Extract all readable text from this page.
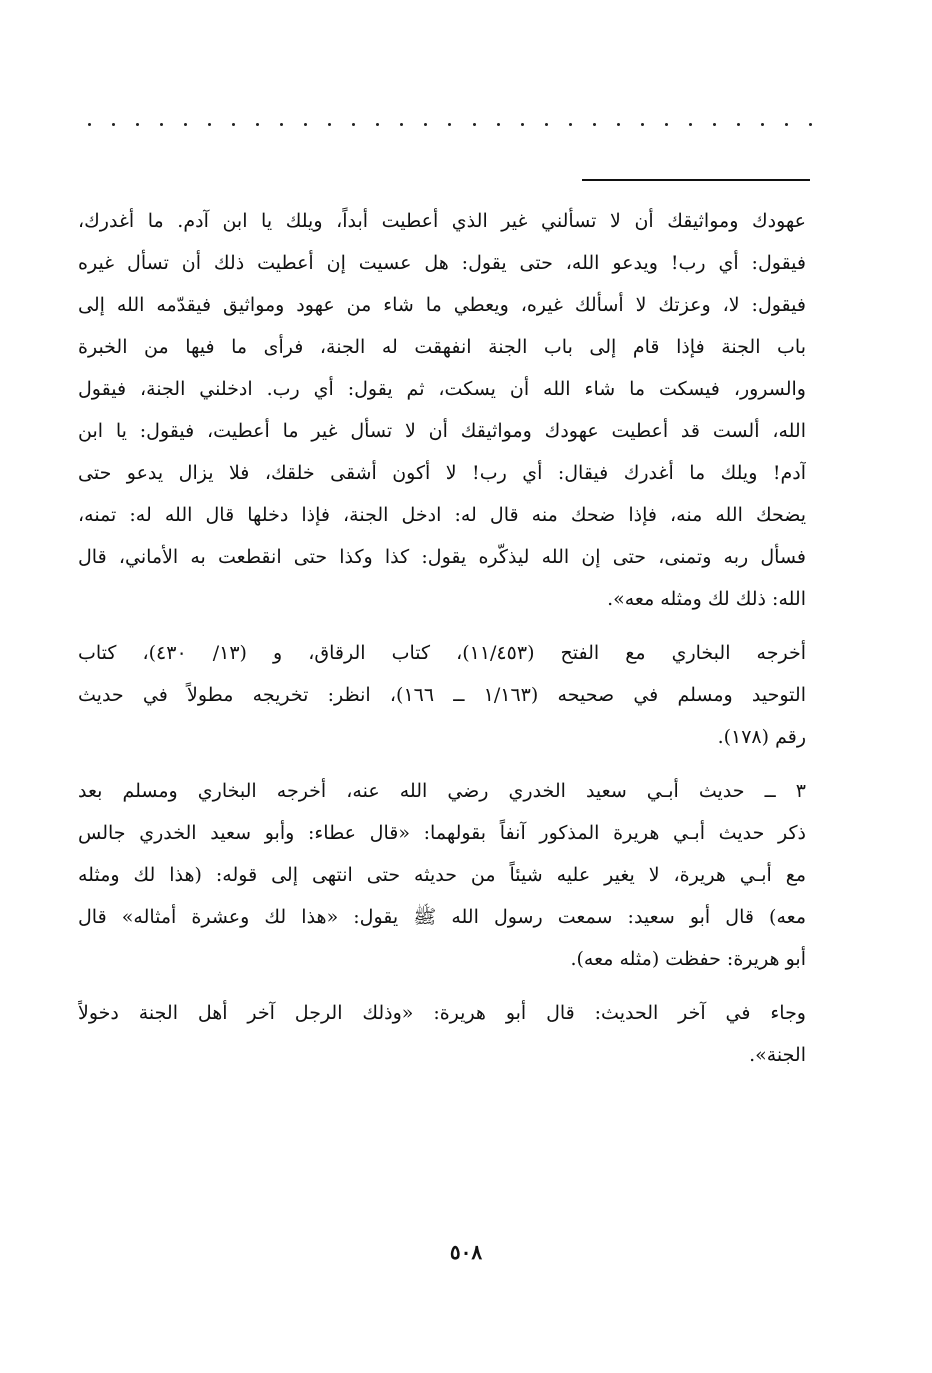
عهودك ومواثيقك أن لا تسألني غير الذي أعطيت أبداً، ويلك يا ابن آدم. ما أغدرك،
فيقول: أي رب! ويدعو الله، حتى يقول: هل عسيت إن أعطيت ذلك أن تسأل غيره
فيقول: لا، وعزتك لا أسألك غيره، ويعطي ما شاء من عهود ومواثيق فيقدّمه الله إلى
باب الجنة فإذا قام إلى باب الجنة انفهقت له الجنة، فرأى ما فيها من الخبرة
والسرور، فيسكت ما شاء الله أن يسكت، ثم يقول: أي رب. ادخلني الجنة، فيقول
الله، ألست قد أعطيت عهودك ومواثيقك أن لا تسأل غير ما أعطيت، فيقول: يا ابن
آدم! ويلك ما أغدرك فيقال: أي رب! لا أكون أشقى خلقك، فلا يزال يدعو حتى
يضحك الله منه، فإذا ضحك منه قال له: ادخل الجنة، فإذا دخلها قال الله له: تمنه،
فسأل ربه وتمنى، حتى إن الله ليذكّره يقول: كذا وكذا حتى انقطعت به الأماني، قال
الله: ذلك لك ومثله معه».
أخرجه البخاري مع الفتح (١١/٤٥٣)، كتاب الرقاق، و (١٣/ ٤٣٠)، كتاب
التوحيد ومسلم في صحيحه (١/١٦٣ ــ ١٦٦)، انظر: تخريجه مطولاً في حديث
رقم (١٧٨).
٣ ــ حديث أبـي سعيد الخدري رضي الله عنه، أخرجه البخاري ومسلم بعد
ذكر حديث أبـي هريرة المذكور آنفاً بقولهما: «قال عطاء: وأبو سعيد الخدري جالس
مع أبـي هريرة، لا يغير عليه شيئاً من حديثه حتى انتهى إلى قوله: (هذا لك ومثله
معه) قال أبو سعيد: سمعت رسول الله ﷺ يقول: «هذا لك وعشرة أمثاله» قال
أبو هريرة: حفظت (مثله معه).
وجاء في آخر الحديث: قال أبو هريرة: «وذلك الرجل آخر أهل الجنة دخولاً
الجنة».
٥٠٨
